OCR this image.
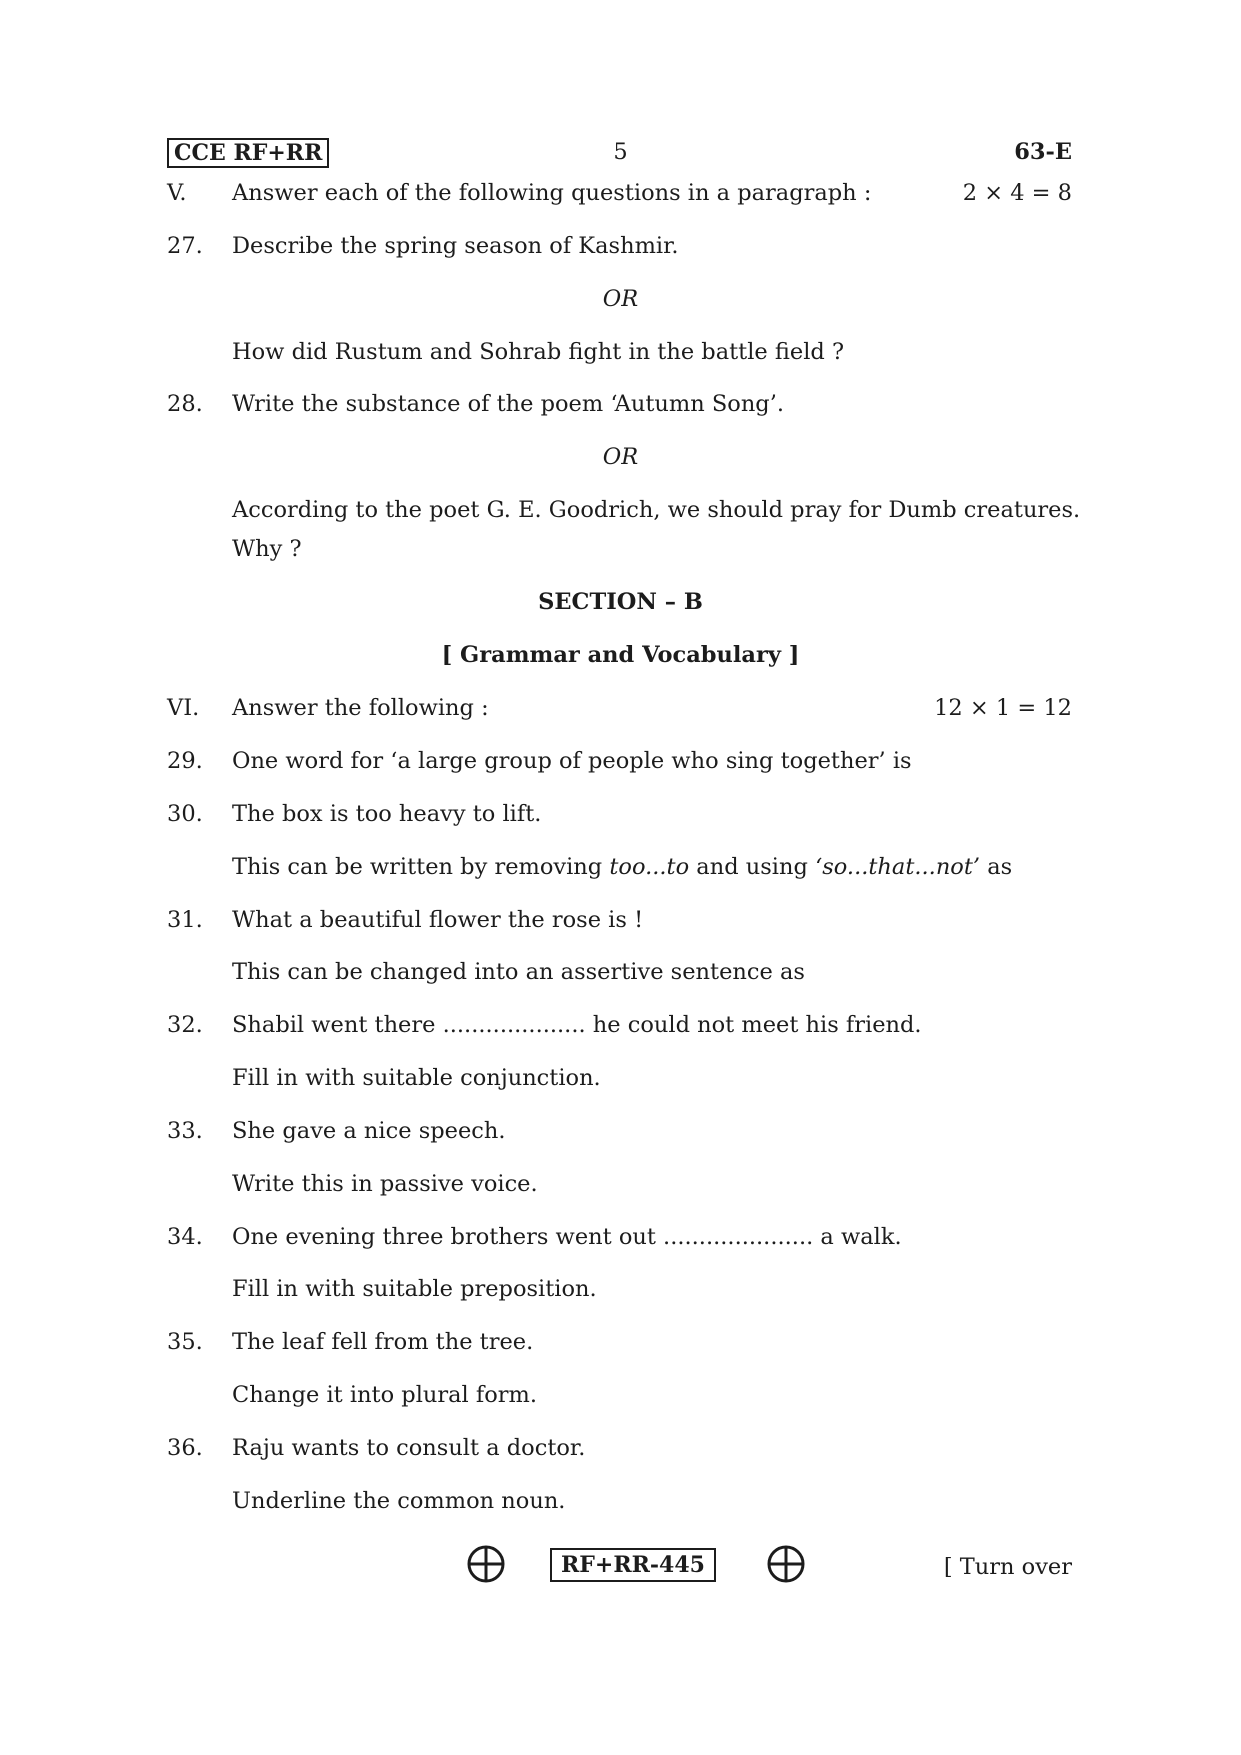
CCE RF+RR	5	63-E
V. Answer each of the following questions in a paragraph :	2 × 4 = 8
27. Describe the spring season of Kashmir.
OR
How did Rustum and Sohrab fight in the battle field ?
28. Write the substance of the poem ‘Autumn Song’.
OR
According to the poet G. E. Goodrich, we should pray for Dumb creatures.
Why ?
SECTION – B
[ Grammar and Vocabulary ]
VI. Answer the following :	12 × 1 = 12
29. One word for ‘a large group of people who sing together’ is
30. The box is too heavy to lift.
This can be written by removing too...to and using ‘so...that...not’ as
31. What a beautiful flower the rose is !
This can be changed into an assertive sentence as
32. Shabil went there .................... he could not meet his friend.
Fill in with suitable conjunction.
33. She gave a nice speech.
Write this in passive voice.
34. One evening three brothers went out ..................... a walk.
Fill in with suitable preposition.
35. The leaf fell from the tree.
Change it into plural form.
36. Raju wants to consult a doctor.
Underline the common noun.
RF+RR-445	[ Turn over
